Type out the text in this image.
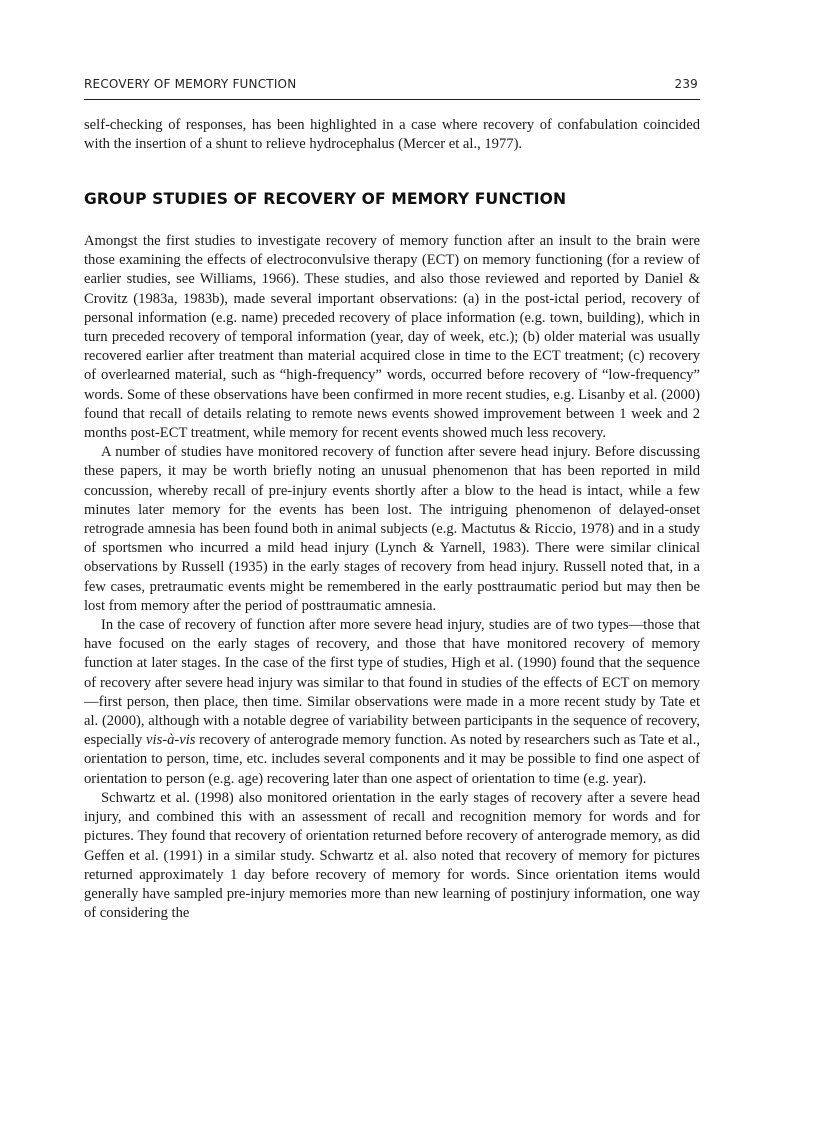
RECOVERY OF MEMORY FUNCTION	239

self-checking of responses, has been highlighted in a case where recovery of confabulation coincided with the insertion of a shunt to relieve hydrocephalus (Mercer et al., 1977).

GROUP STUDIES OF RECOVERY OF MEMORY FUNCTION

Amongst the first studies to investigate recovery of memory function after an insult to the brain were those examining the effects of electroconvulsive therapy (ECT) on memory functioning (for a review of earlier studies, see Williams, 1966). These studies, and also those reviewed and reported by Daniel & Crovitz (1983a, 1983b), made several important observations: (a) in the post-ictal period, recovery of personal information (e.g. name) preceded recovery of place information (e.g. town, building), which in turn preceded recovery of temporal information (year, day of week, etc.); (b) older material was usually recovered earlier after treatment than material acquired close in time to the ECT treatment; (c) recovery of overlearned material, such as “high-frequency” words, occurred before recovery of “low-frequency” words. Some of these observations have been confirmed in more recent studies, e.g. Lisanby et al. (2000) found that recall of details relating to remote news events showed improvement between 1 week and 2 months post-ECT treatment, while memory for recent events showed much less recovery.

A number of studies have monitored recovery of function after severe head injury. Before discussing these papers, it may be worth briefly noting an unusual phenomenon that has been reported in mild concussion, whereby recall of pre-injury events shortly after a blow to the head is intact, while a few minutes later memory for the events has been lost. The intriguing phenomenon of delayed-onset retrograde amnesia has been found both in animal subjects (e.g. Mactutus & Riccio, 1978) and in a study of sportsmen who incurred a mild head injury (Lynch & Yarnell, 1983). There were similar clinical observations by Russell (1935) in the early stages of recovery from head injury. Russell noted that, in a few cases, pretraumatic events might be remembered in the early posttraumatic period but may then be lost from memory after the period of posttraumatic amnesia.

In the case of recovery of function after more severe head injury, studies are of two types—those that have focused on the early stages of recovery, and those that have monitored recovery of memory function at later stages. In the case of the first type of studies, High et al. (1990) found that the sequence of recovery after severe head injury was similar to that found in studies of the effects of ECT on memory—first person, then place, then time. Similar observations were made in a more recent study by Tate et al. (2000), although with a notable degree of variability between participants in the sequence of recovery, especially vis-à-vis recovery of anterograde memory function. As noted by researchers such as Tate et al., orientation to person, time, etc. includes several components and it may be possible to find one aspect of orientation to person (e.g. age) recovering later than one aspect of orientation to time (e.g. year).

Schwartz et al. (1998) also monitored orientation in the early stages of recovery after a severe head injury, and combined this with an assessment of recall and recognition memory for words and for pictures. They found that recovery of orientation returned before recovery of anterograde memory, as did Geffen et al. (1991) in a similar study. Schwartz et al. also noted that recovery of memory for pictures returned approximately 1 day before recovery of memory for words. Since orientation items would generally have sampled pre-injury memories more than new learning of postinjury information, one way of considering the
